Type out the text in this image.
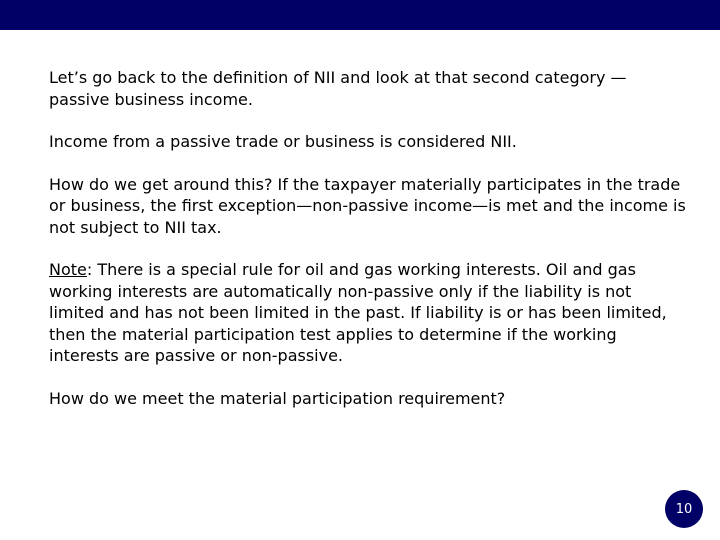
Let’s go back to the definition of NII and look at that second category — passive business income.

Income from a passive trade or business is considered NII.

How do we get around this? If the taxpayer materially participates in the trade or business, the first exception—non-passive income—is met and the income is not subject to NII tax.

Note: There is a special rule for oil and gas working interests. Oil and gas working interests are automatically non-passive only if the liability is not limited and has not been limited in the past. If liability is or has been limited, then the material participation test applies to determine if the working interests are passive or non-passive.

How do we meet the material participation requirement?

10
